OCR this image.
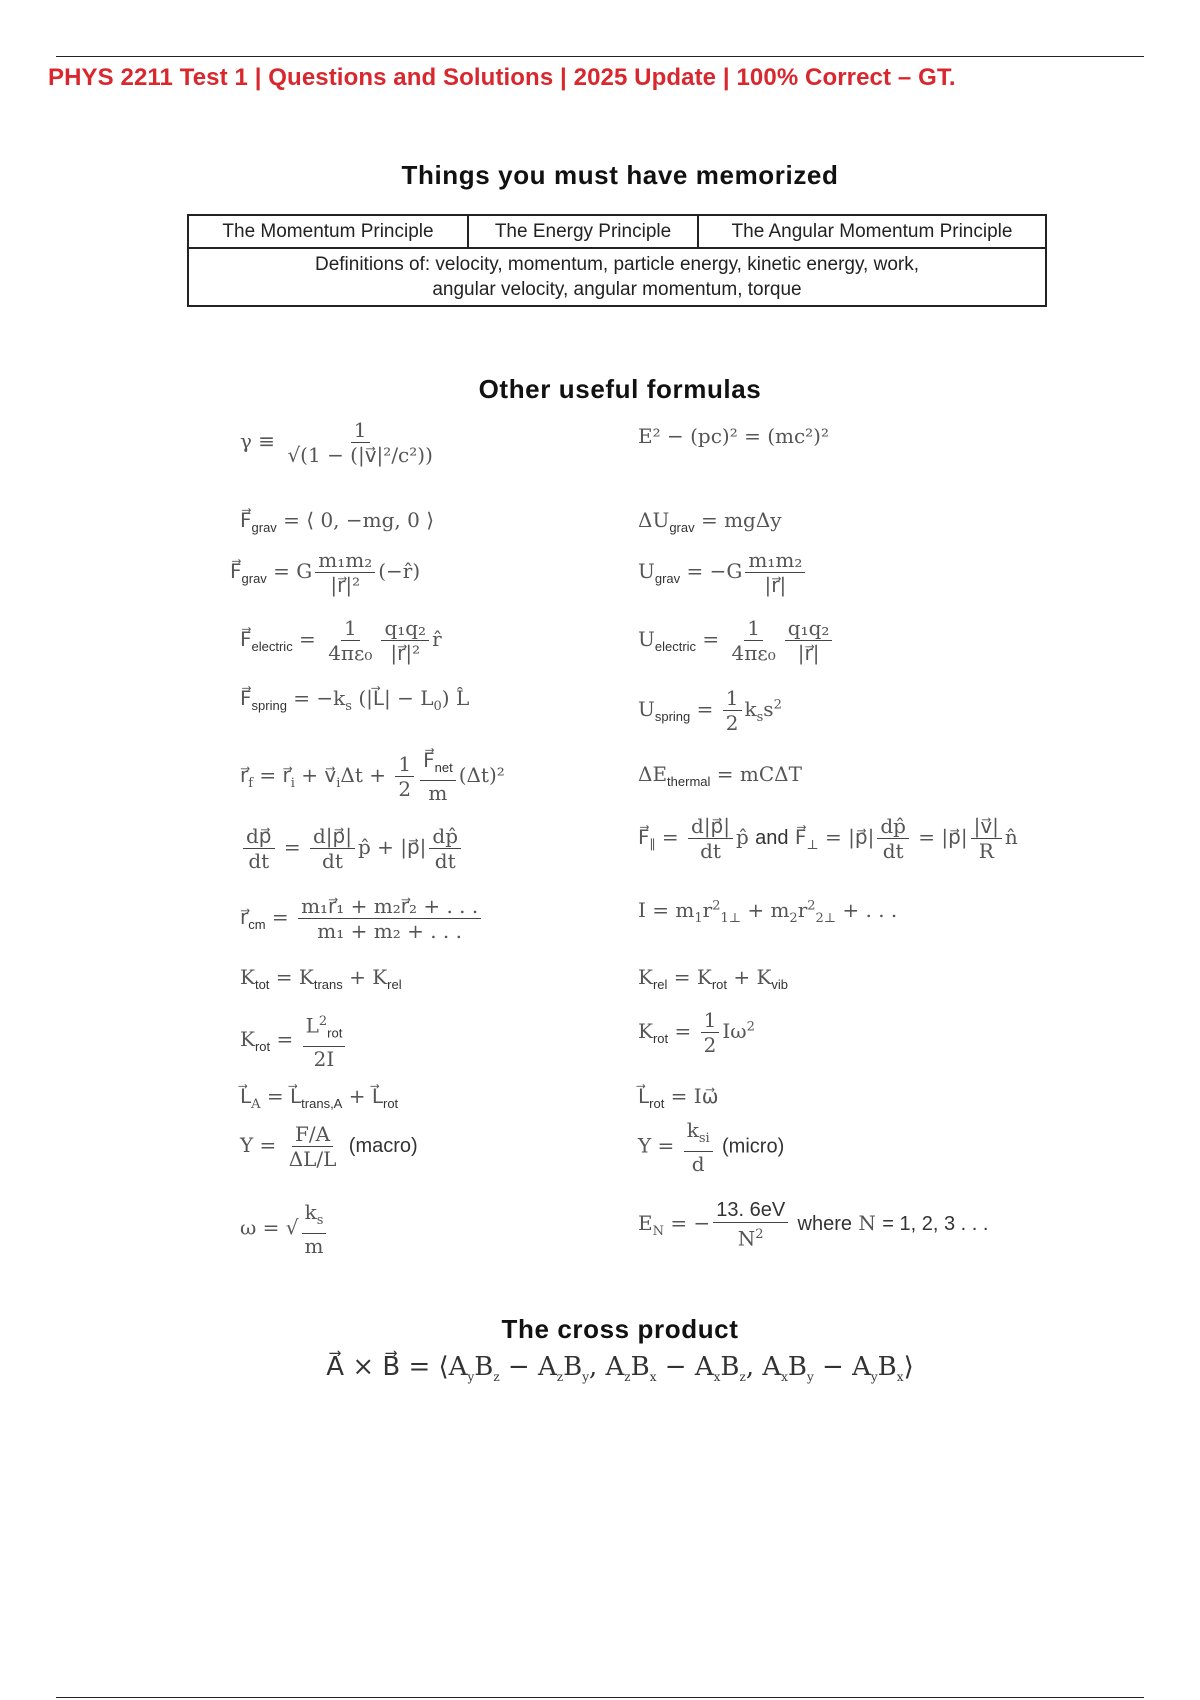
PHYS 2211 Test 1 | Questions and Solutions | 2025 Update | 100% Correct – GT.
Things you must have memorized
The Momentum Principle	The Energy Principle	The Angular Momentum Principle

Definitions of: velocity, momentum, particle energy, kinetic energy, work,
angular velocity, angular momentum, torque
Other useful formulas
$\gamma \equiv \frac{1}{\text{√(1 − (|v⃗|²/c²))}}$
$F⃗_{grav}$ = ⟨ 0, −mg, 0 ⟩
$F⃗_{grav} = G \frac{\text{m₁m₂}}{\text{|r⃗|²}}$ (−r̂)
$F⃗_{electric} = \frac{1}{\text{4πε₀}} \frac{\text{q₁q₂}}{\text{|r⃗|²}}$ r̂
$F⃗_{spring} = -k_s$ (|L⃗| − $L_0$) L̂
$r⃗_f$ = $r⃗_i$ + $v⃗_i\Delta t + \frac{1}{2} \frac{F⃗_{net}}{m} (\Delta t)^2$
$\frac{dp⃗}{dt} = \frac{d|p⃗|}{dt}$ p̂ + |p⃗| $\frac{dp̂}{dt}$
$r⃗_{cm} = \frac{\text{m₁r⃗₁ + m₂r⃗₂ + . . .}}{\text{m₁ + m₂ + . . .}}$
$K_{tot} = K_{trans} + K_{rel}$
$K_{rot} = \frac{L^2_{rot}}{2I}$
$L⃗_A$ = $L⃗_{trans,A}$ + $L⃗_{rot}$
$Y = \frac{F/A}{\Delta L/L}$ (macro)
ω = √ $\frac{k_s}{m}$
E² − (pc)² = (mc²)²
$\Delta U_{grav} = mg\Delta y$
$U_{grav} = -G \frac{\text{m₁m₂}}{|r⃗|}$
$U_{electric} = \frac{1}{\text{4πε₀}} \frac{\text{q₁q₂}}{|r⃗|}$
$U_{spring} = \frac{1}{2} k_ss^2$
$\Delta E_{thermal} = mC\Delta T$
$F⃗_\parallel = \frac{d|p⃗|}{dt}$ p̂ and $F⃗_\perp$ = |p⃗| $\frac{dp̂}{dt}$ = |p⃗| $\frac{|v⃗|}{R}$ n̂
$I = m_1r^2_{1\perp} + m_2r^2_{2\perp}$ + . . .
$K_{rel} = K_{rot} + K_{vib}$
$K_{rot} = \frac{1}{2} I\omega^2$
$L⃗_{rot}$ = Iω⃗
$Y = \frac{k_{si}}{d}$ (micro)
$E_N$ = − $\frac{13. 6eV}{N^2}$ where N = 1, 2, 3 . . .
The cross product
A⃗ × B⃗ = $⟨A_yB_z - A_zB_y$, $A_zB_x - A_xB_z$, $A_xB_y$ − $A_yB_x⟩$
